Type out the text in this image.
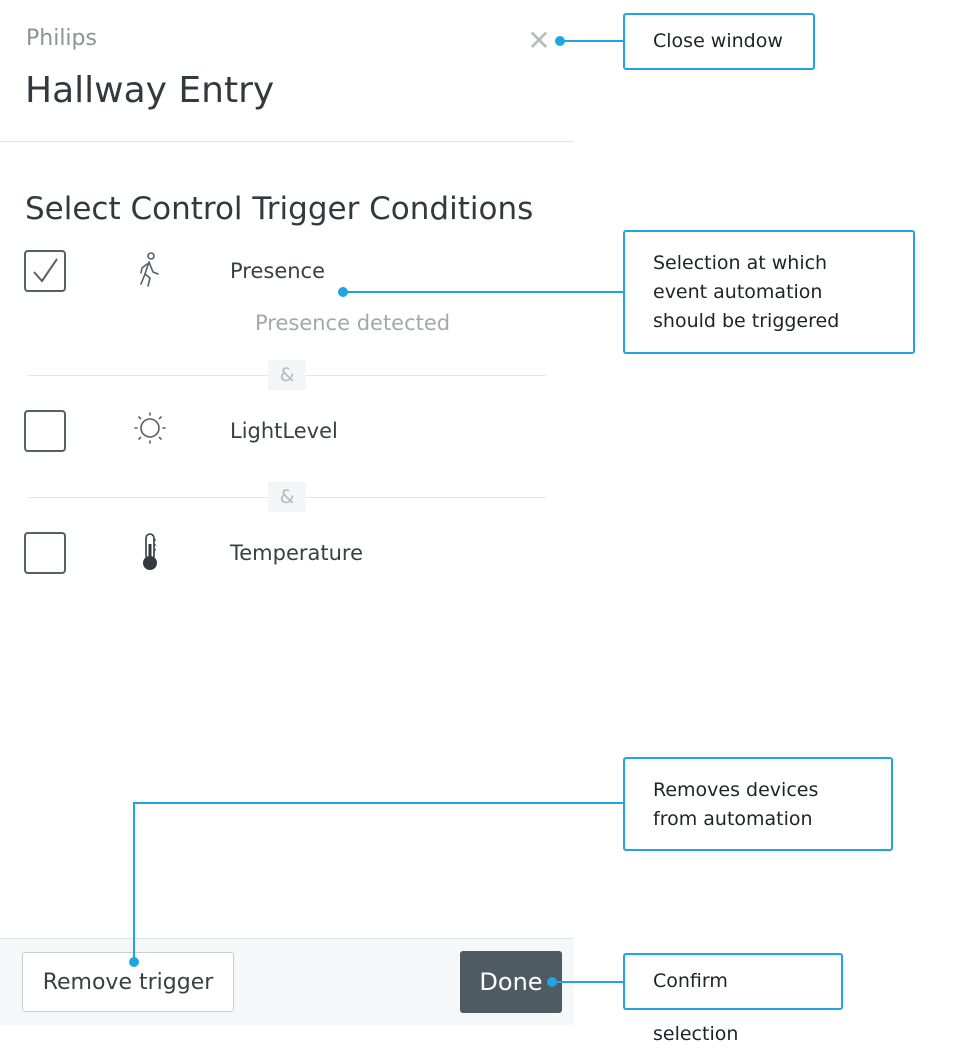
Philips
Hallway Entry
✕
Select Control Trigger Conditions
Presence
Presence detected
&
LightLevel
&
Temperature
Remove trigger	Done
Close window
Selection at which event automation should be triggered
Removes devices from automation
Confirm selection
